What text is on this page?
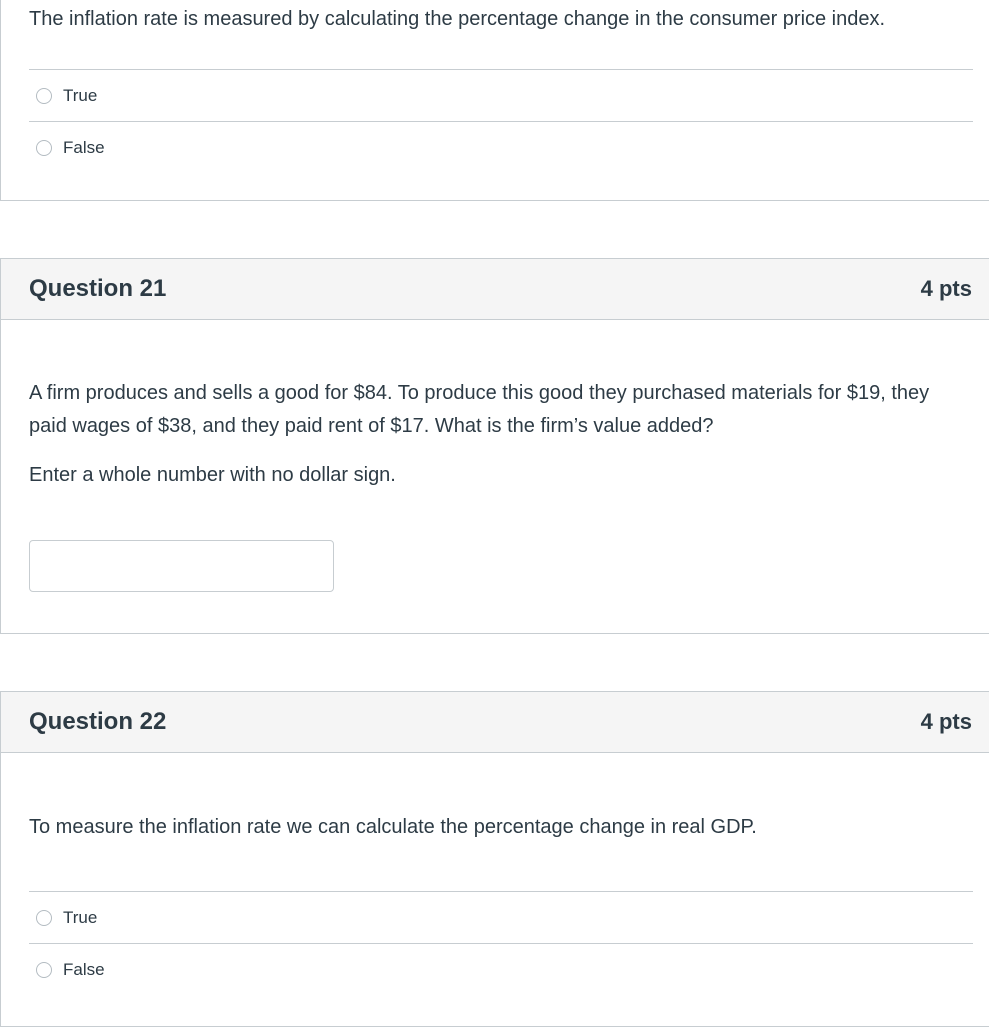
The inflation rate is measured by calculating the percentage change in the consumer price index.
True
False
Question 21	4 pts
A firm produces and sells a good for $84. To produce this good they purchased materials for $19, they paid wages of $38, and they paid rent of $17. What is the firm’s value added?
Enter a whole number with no dollar sign.
Question 22	4 pts
To measure the inflation rate we can calculate the percentage change in real GDP.
True
False
